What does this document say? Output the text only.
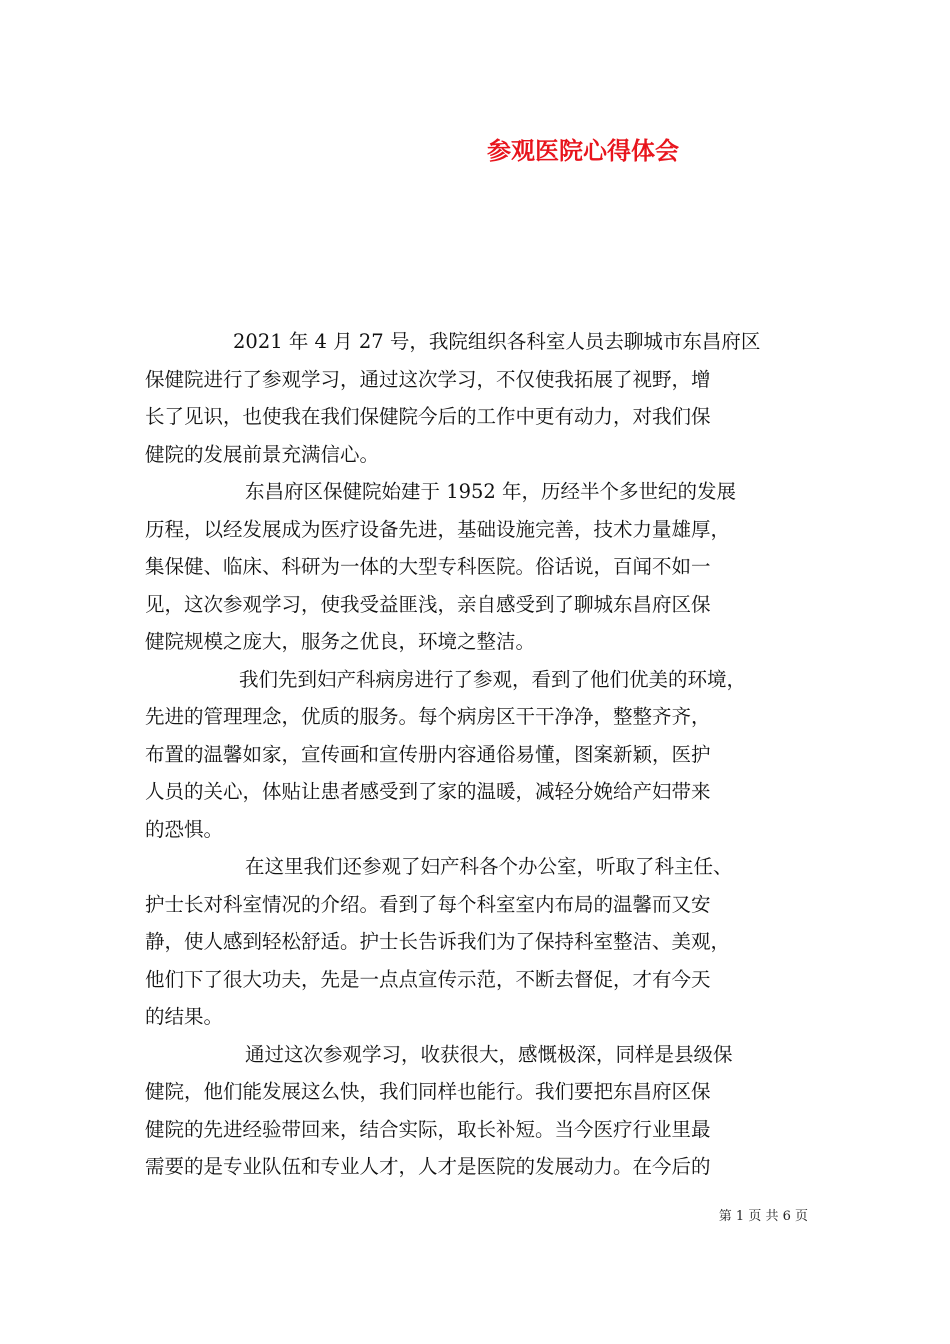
参观医院心得体会

2021 年 4 月 27 号，我院组织各科室人员去聊城市东昌府区
保健院进行了参观学习，通过这次学习，不仅使我拓展了视野，增
长了见识，也使我在我们保健院今后的工作中更有动力，对我们保
健院的发展前景充满信心。

东昌府区保健院始建于 1952 年，历经半个多世纪的发展
历程，以经发展成为医疗设备先进，基础设施完善，技术力量雄厚，
集保健、临床、科研为一体的大型专科医院。俗话说，百闻不如一
见，这次参观学习，使我受益匪浅，亲自感受到了聊城东昌府区保
健院规模之庞大，服务之优良，环境之整洁。

我们先到妇产科病房进行了参观，看到了他们优美的环境，
先进的管理理念，优质的服务。每个病房区干干净净，整整齐齐，
布置的温馨如家，宣传画和宣传册内容通俗易懂，图案新颖，医护
人员的关心，体贴让患者感受到了家的温暖，减轻分娩给产妇带来
的恐惧。

在这里我们还参观了妇产科各个办公室，听取了科主任、
护士长对科室情况的介绍。看到了每个科室室内布局的温馨而又安
静，使人感到轻松舒适。护士长告诉我们为了保持科室整洁、美观，
他们下了很大功夫，先是一点点宣传示范，不断去督促，才有今天
的结果。

通过这次参观学习，收获很大，感慨极深，同样是县级保
健院，他们能发展这么快，我们同样也能行。我们要把东昌府区保
健院的先进经验带回来，结合实际，取长补短。当今医疗行业里最
需要的是专业队伍和专业人才，人才是医院的发展动力。在今后的

第 1 页 共 6 页
